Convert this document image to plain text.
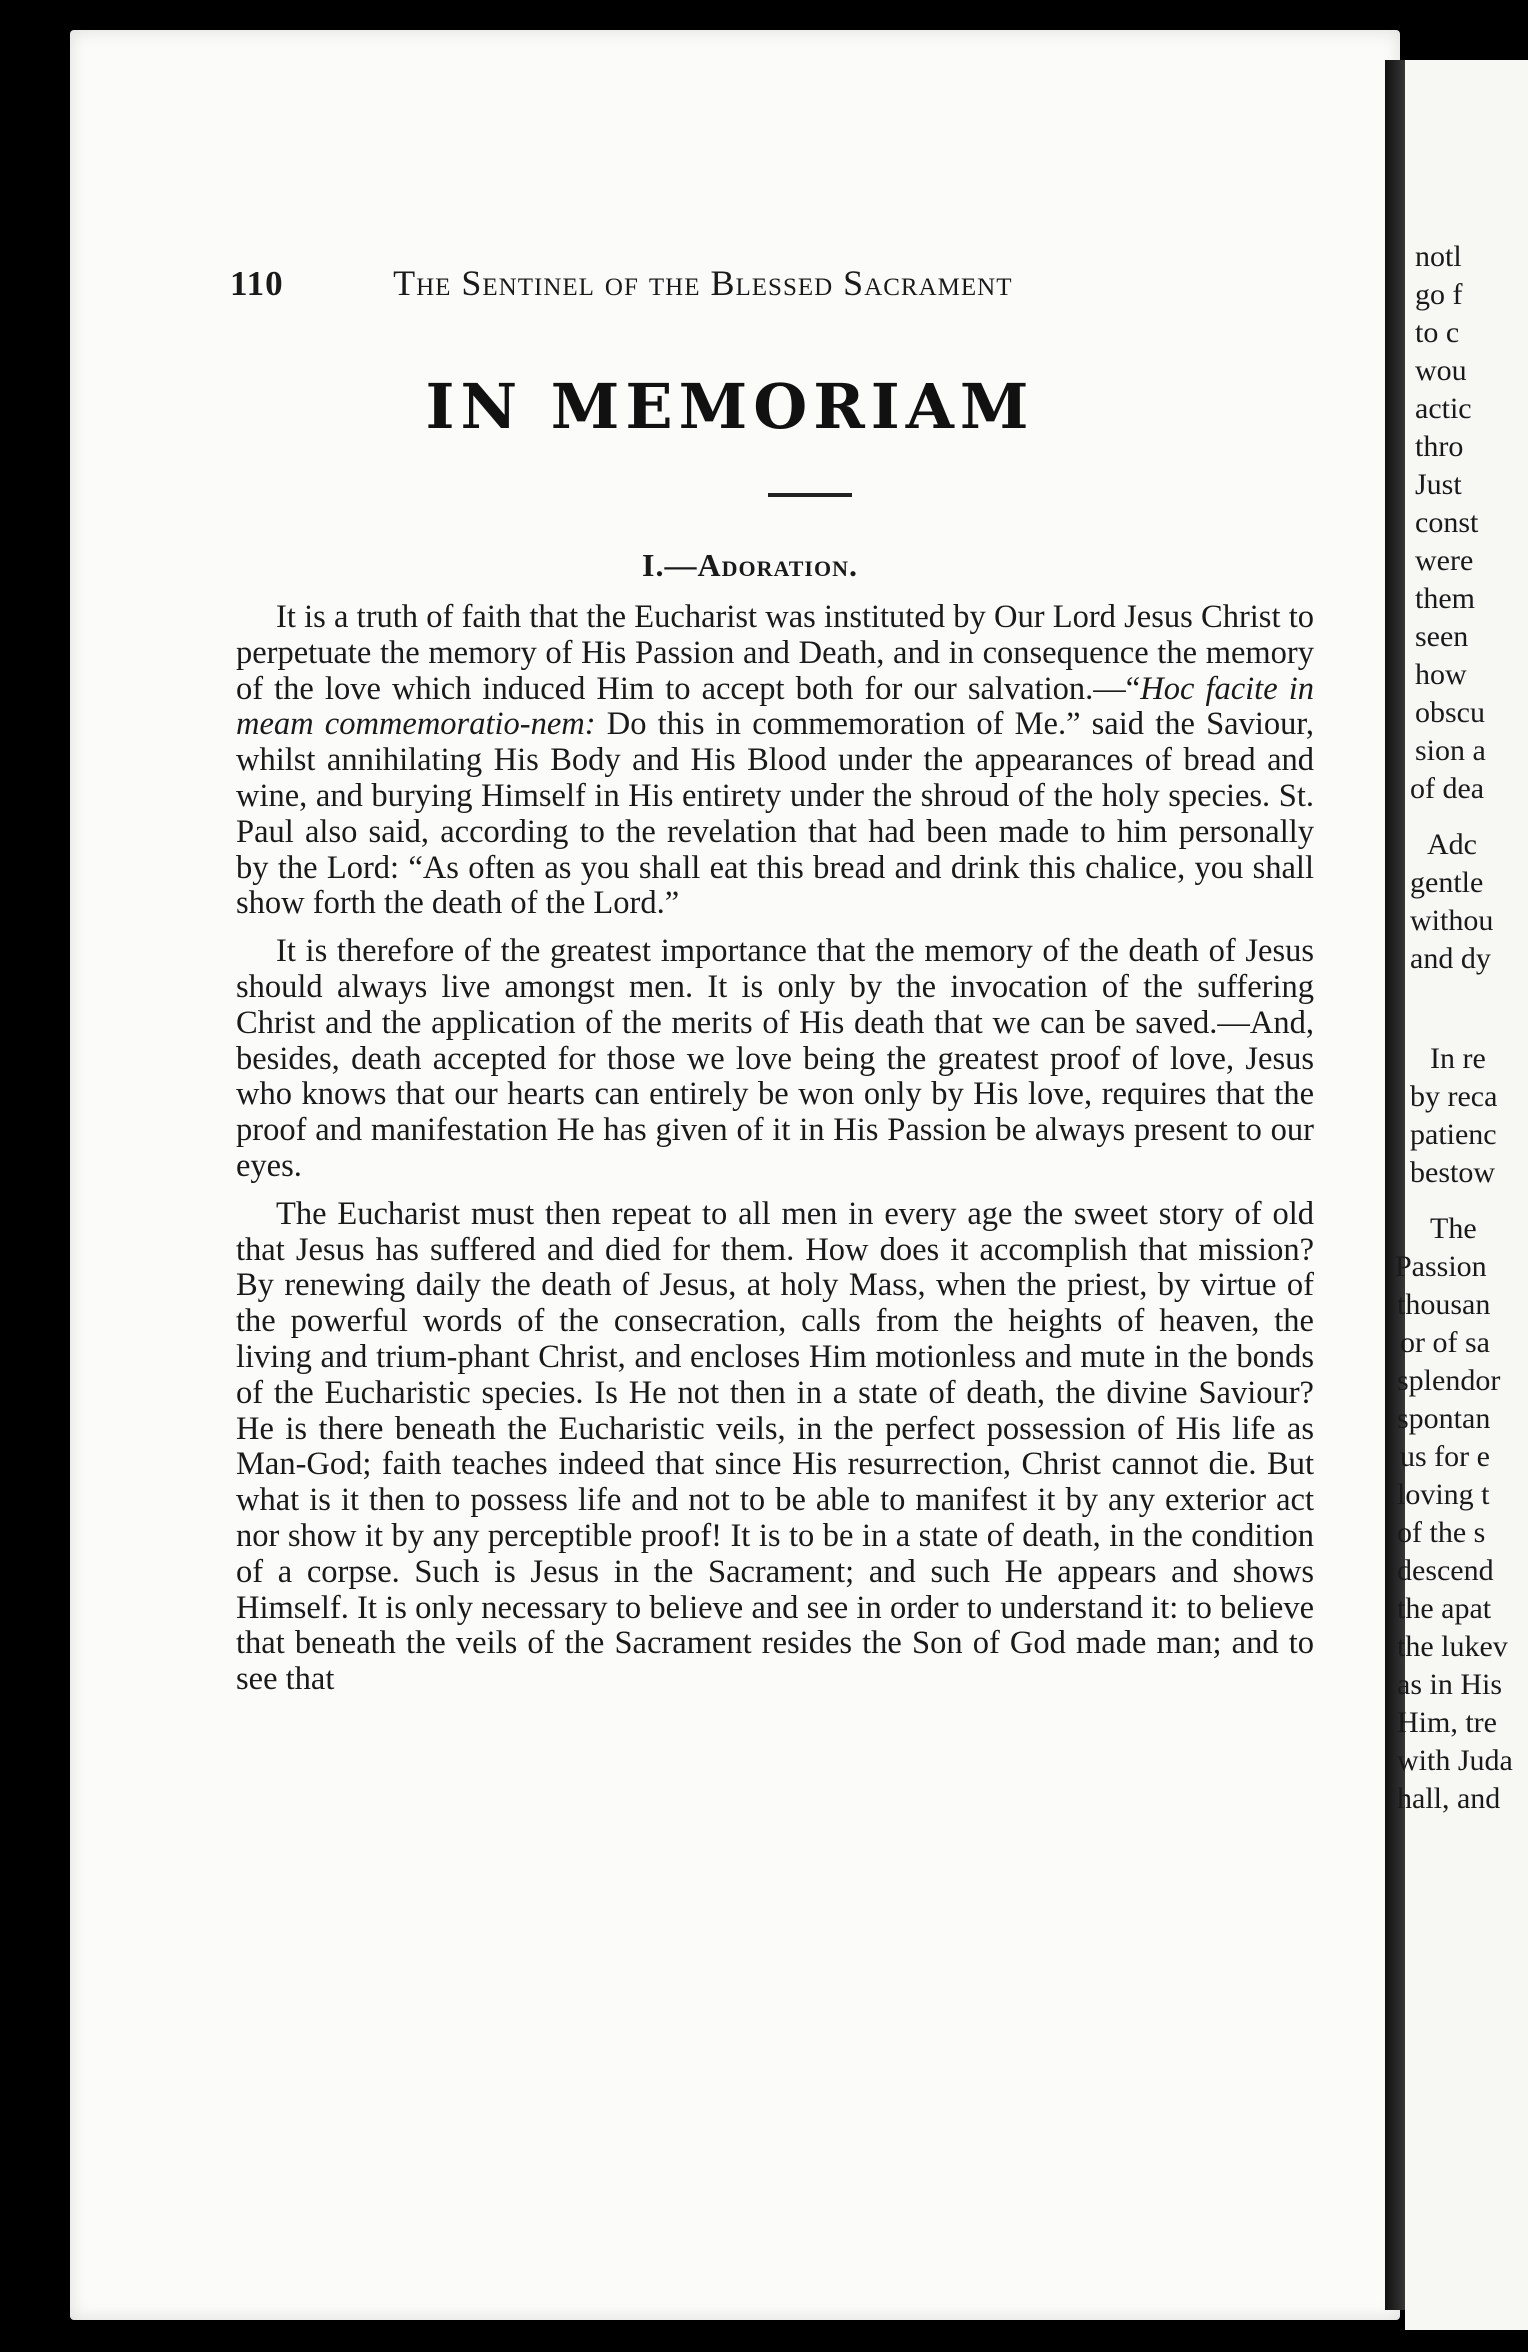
110	The Sentinel of the Blessed Sacrament
IN MEMORIAM
I.—Adoration.

It is a truth of faith that the Eucharist was instituted by Our Lord Jesus Christ to perpetuate the memory of His Passion and Death, and in consequence the memory of the love which induced Him to accept both for our salvation.—“Hoc facite in meam commemoratio-nem: Do this in commemoration of Me.” said the Saviour, whilst annihilating His Body and His Blood under the appearances of bread and wine, and burying Himself in His entirety under the shroud of the holy species. St. Paul also said, according to the revelation that had been made to him personally by the Lord: “As often as you shall eat this bread and drink this chalice, you shall show forth the death of the Lord.”

It is therefore of the greatest importance that the memory of the death of Jesus should always live amongst men. It is only by the invocation of the suffering Christ and the application of the merits of His death that we can be saved.—And, besides, death accepted for those we love being the greatest proof of love, Jesus who knows that our hearts can entirely be won only by His love, requires that the proof and manifestation He has given of it in His Passion be always present to our eyes.

The Eucharist must then repeat to all men in every age the sweet story of old that Jesus has suffered and died for them. How does it accomplish that mission? By renewing daily the death of Jesus, at holy Mass, when the priest, by virtue of the powerful words of the consecration, calls from the heights of heaven, the living and trium-phant Christ, and encloses Him motionless and mute in the bonds of the Eucharistic species. Is He not then in a state of death, the divine Saviour? He is there beneath the Eucharistic veils, in the perfect possession of His life as Man-God; faith teaches indeed that since His resurrection, Christ cannot die. But what is it then to possess life and not to be able to manifest it by any exterior act nor show it by any perceptible proof! It is to be in a state of death, in the condition of a corpse. Such is Jesus in the Sacrament; and such He appears and shows Himself. It is only necessary to believe and see in order to understand it: to believe that beneath the veils of the Sacrament resides the Son of God made man; and to see that

notl
go f
to c
wou
actic
thro
Just
const
were
them
seen
how
obscu
sion a
of dea
Adc
gentle
withou
and dy
In re
by reca
patienc
bestow
The
Passion
thousan
or of sa
splendor
spontan
us for e
loving t
of the s
descend
the apat
the lukev
as in His
Him, tre
with Juda
hall, and
